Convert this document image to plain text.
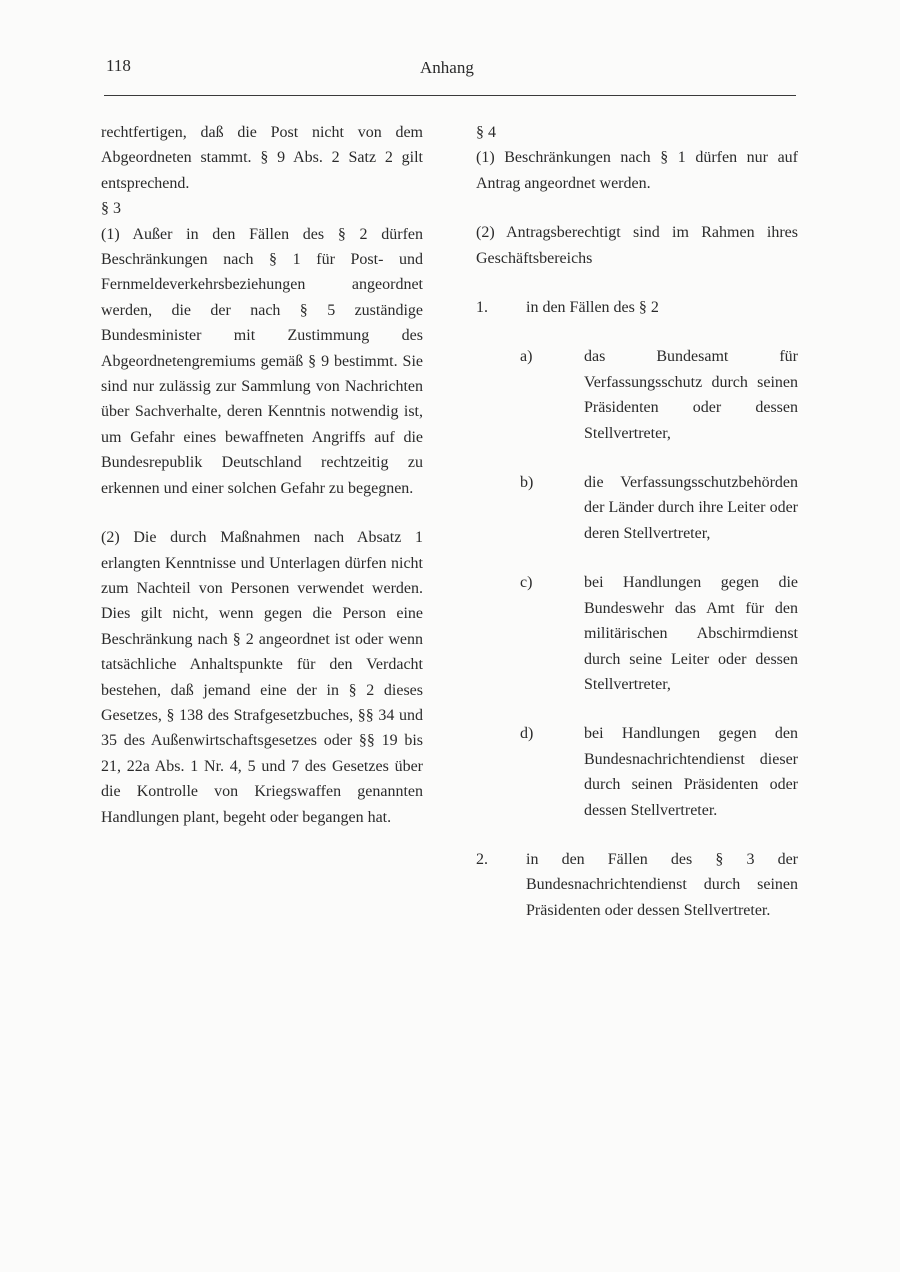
118	Anhang

rechtfertigen, daß die Post nicht von dem Abgeordneten stammt. § 9 Abs. 2 Satz 2 gilt entsprechend.

§ 3

(1) Außer in den Fällen des § 2 dürfen Beschränkungen nach § 1 für Post- und Fernmeldeverkehrsbeziehungen angeordnet werden, die der nach § 5 zuständige Bundesminister mit Zustimmung des Abgeordnetengremiums gemäß § 9 bestimmt. Sie sind nur zulässig zur Sammlung von Nachrichten über Sachverhalte, deren Kenntnis notwendig ist, um Gefahr eines bewaffneten Angriffs auf die Bundesrepublik Deutschland rechtzeitig zu erkennen und einer solchen Gefahr zu begegnen.

(2) Die durch Maßnahmen nach Absatz 1 erlangten Kenntnisse und Unterlagen dürfen nicht zum Nachteil von Personen verwendet werden. Dies gilt nicht, wenn gegen die Person eine Beschränkung nach § 2 angeordnet ist oder wenn tatsächliche Anhaltspunkte für den Verdacht bestehen, daß jemand eine der in § 2 dieses Gesetzes, § 138 des Strafgesetzbuches, §§ 34 und 35 des Außenwirtschaftsgesetzes oder §§ 19 bis 21, 22a Abs. 1 Nr. 4, 5 und 7 des Gesetzes über die Kontrolle von Kriegswaffen genannten Handlungen plant, begeht oder begangen hat.

§ 4

(1) Beschränkungen nach § 1 dürfen nur auf Antrag angeordnet werden.

(2) Antragsberechtigt sind im Rahmen ihres Geschäftsbereichs

1.	in den Fällen des § 2
a)	das Bundesamt für Verfassungsschutz durch seinen Präsidenten oder dessen Stellvertreter,
b)	die Verfassungsschutzbehörden der Länder durch ihre Leiter oder deren Stellvertreter,
c)	bei Handlungen gegen die Bundeswehr das Amt für den militärischen Abschirmdienst durch seine Leiter oder dessen Stellvertreter,
d)	bei Handlungen gegen den Bundesnachrichtendienst dieser durch seinen Präsidenten oder dessen Stellvertreter.
2.	in den Fällen des § 3 der Bundesnachrichtendienst durch seinen Präsidenten oder dessen Stellvertreter.
